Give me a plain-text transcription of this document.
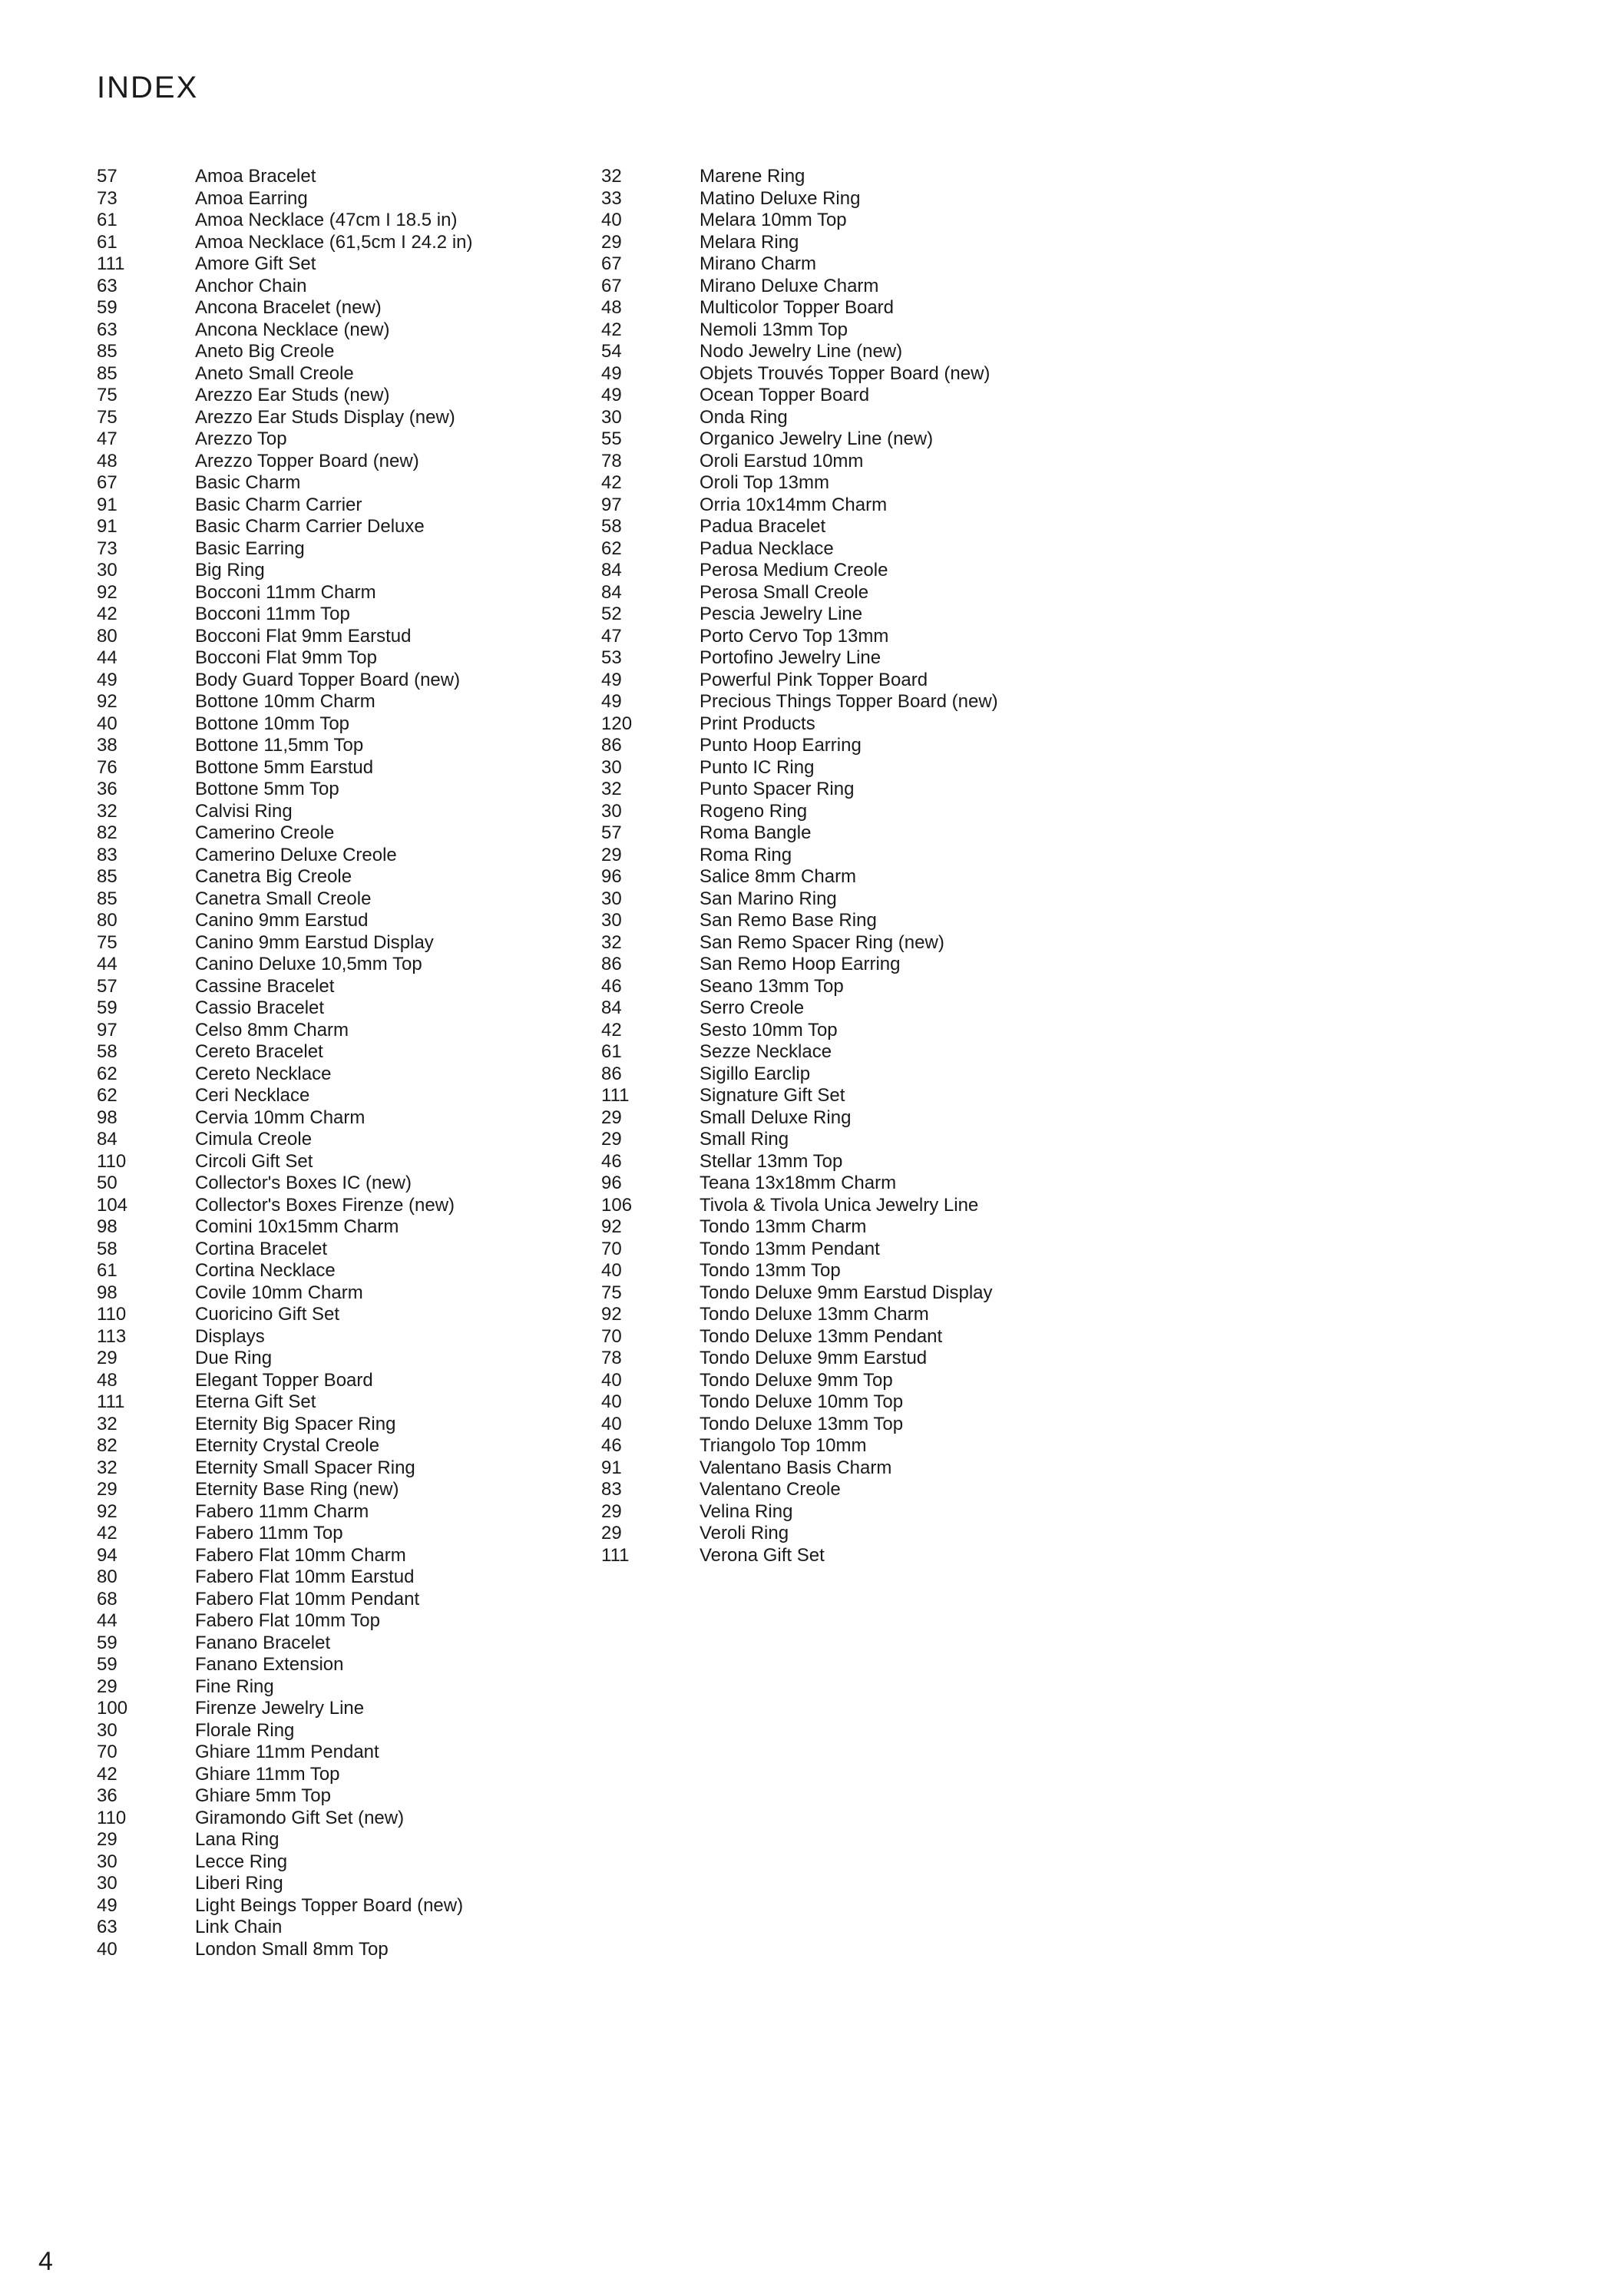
INDEX
57	Amoa Bracelet
73	Amoa Earring
61	Amoa Necklace (47cm I 18.5 in)
61	Amoa Necklace (61,5cm I 24.2 in)
111	Amore Gift Set
63	Anchor Chain
59	Ancona Bracelet (new)
63	Ancona Necklace (new)
85	Aneto Big Creole
85	Aneto Small Creole
75	Arezzo Ear Studs (new)
75	Arezzo Ear Studs Display (new)
47	Arezzo Top
48	Arezzo Topper Board (new)
67	Basic Charm
91	Basic Charm Carrier
91	Basic Charm Carrier Deluxe
73	Basic Earring
30	Big Ring
92	Bocconi 11mm Charm
42	Bocconi 11mm Top
80	Bocconi Flat 9mm Earstud
44	Bocconi Flat 9mm Top
49	Body Guard Topper Board (new)
92	Bottone 10mm Charm
40	Bottone 10mm Top
38	Bottone 11,5mm Top
76	Bottone 5mm Earstud
36	Bottone 5mm Top
32	Calvisi Ring
82	Camerino Creole
83	Camerino Deluxe Creole
85	Canetra Big Creole
85	Canetra Small Creole
80	Canino 9mm Earstud
75	Canino 9mm Earstud Display
44	Canino Deluxe 10,5mm Top
57	Cassine Bracelet
59	Cassio Bracelet
97	Celso 8mm Charm
58	Cereto Bracelet
62	Cereto Necklace
62	Ceri Necklace
98	Cervia 10mm Charm
84	Cimula Creole
110	Circoli Gift Set
50	Collector's Boxes IC (new)
104	Collector's Boxes Firenze (new)
98	Comini 10x15mm Charm
58	Cortina Bracelet
61	Cortina Necklace
98	Covile 10mm Charm
110	Cuoricino Gift Set
113	Displays
29	Due Ring
48	Elegant Topper Board
111	Eterna Gift Set
32	Eternity Big Spacer Ring
82	Eternity Crystal Creole
32	Eternity Small Spacer Ring
29	Eternity Base Ring (new)
92	Fabero 11mm Charm
42	Fabero 11mm Top
94	Fabero Flat 10mm Charm
80	Fabero Flat 10mm Earstud
68	Fabero Flat 10mm Pendant
44	Fabero Flat 10mm Top
59	Fanano Bracelet
59	Fanano Extension
29	Fine Ring
100	Firenze Jewelry Line
30	Florale Ring
70	Ghiare 11mm Pendant
42	Ghiare 11mm Top
36	Ghiare 5mm Top
110	Giramondo Gift Set (new)
29	Lana Ring
30	Lecce Ring
30	Liberi Ring
49	Light Beings Topper Board (new)
63	Link Chain
40	London Small 8mm Top
32	Marene Ring
33	Matino Deluxe Ring
40	Melara 10mm Top
29	Melara Ring
67	Mirano Charm
67	Mirano Deluxe Charm
48	Multicolor Topper Board
42	Nemoli 13mm Top
54	Nodo Jewelry Line (new)
49	Objets Trouvés Topper Board (new)
49	Ocean Topper Board
30	Onda Ring
55	Organico Jewelry Line (new)
78	Oroli Earstud 10mm
42	Oroli Top 13mm
97	Orria 10x14mm Charm
58	Padua Bracelet
62	Padua Necklace
84	Perosa Medium Creole
84	Perosa Small Creole
52	Pescia Jewelry Line
47	Porto Cervo Top 13mm
53	Portofino Jewelry Line
49	Powerful Pink Topper Board
49	Precious Things Topper Board (new)
120	Print Products
86	Punto Hoop Earring
30	Punto IC Ring
32	Punto Spacer Ring
30	Rogeno Ring
57	Roma Bangle
29	Roma Ring
96	Salice 8mm Charm
30	San Marino Ring
30	San Remo Base Ring
32	San Remo Spacer Ring (new)
86	San Remo Hoop Earring
46	Seano 13mm Top
84	Serro Creole
42	Sesto 10mm Top
61	Sezze Necklace
86	Sigillo Earclip
111	Signature Gift Set
29	Small Deluxe Ring
29	Small Ring
46	Stellar 13mm Top
96	Teana 13x18mm Charm
106	Tivola & Tivola Unica Jewelry Line
92	Tondo 13mm Charm
70	Tondo 13mm Pendant
40	Tondo 13mm Top
75	Tondo Deluxe 9mm Earstud Display
92	Tondo Deluxe 13mm Charm
70	Tondo Deluxe 13mm Pendant
78	Tondo Deluxe 9mm Earstud
40	Tondo Deluxe 9mm Top
40	Tondo Deluxe 10mm Top
40	Tondo Deluxe 13mm Top
46	Triangolo Top 10mm
91	Valentano Basis Charm
83	Valentano Creole
29	Velina Ring
29	Veroli Ring
111	Verona Gift Set
4
